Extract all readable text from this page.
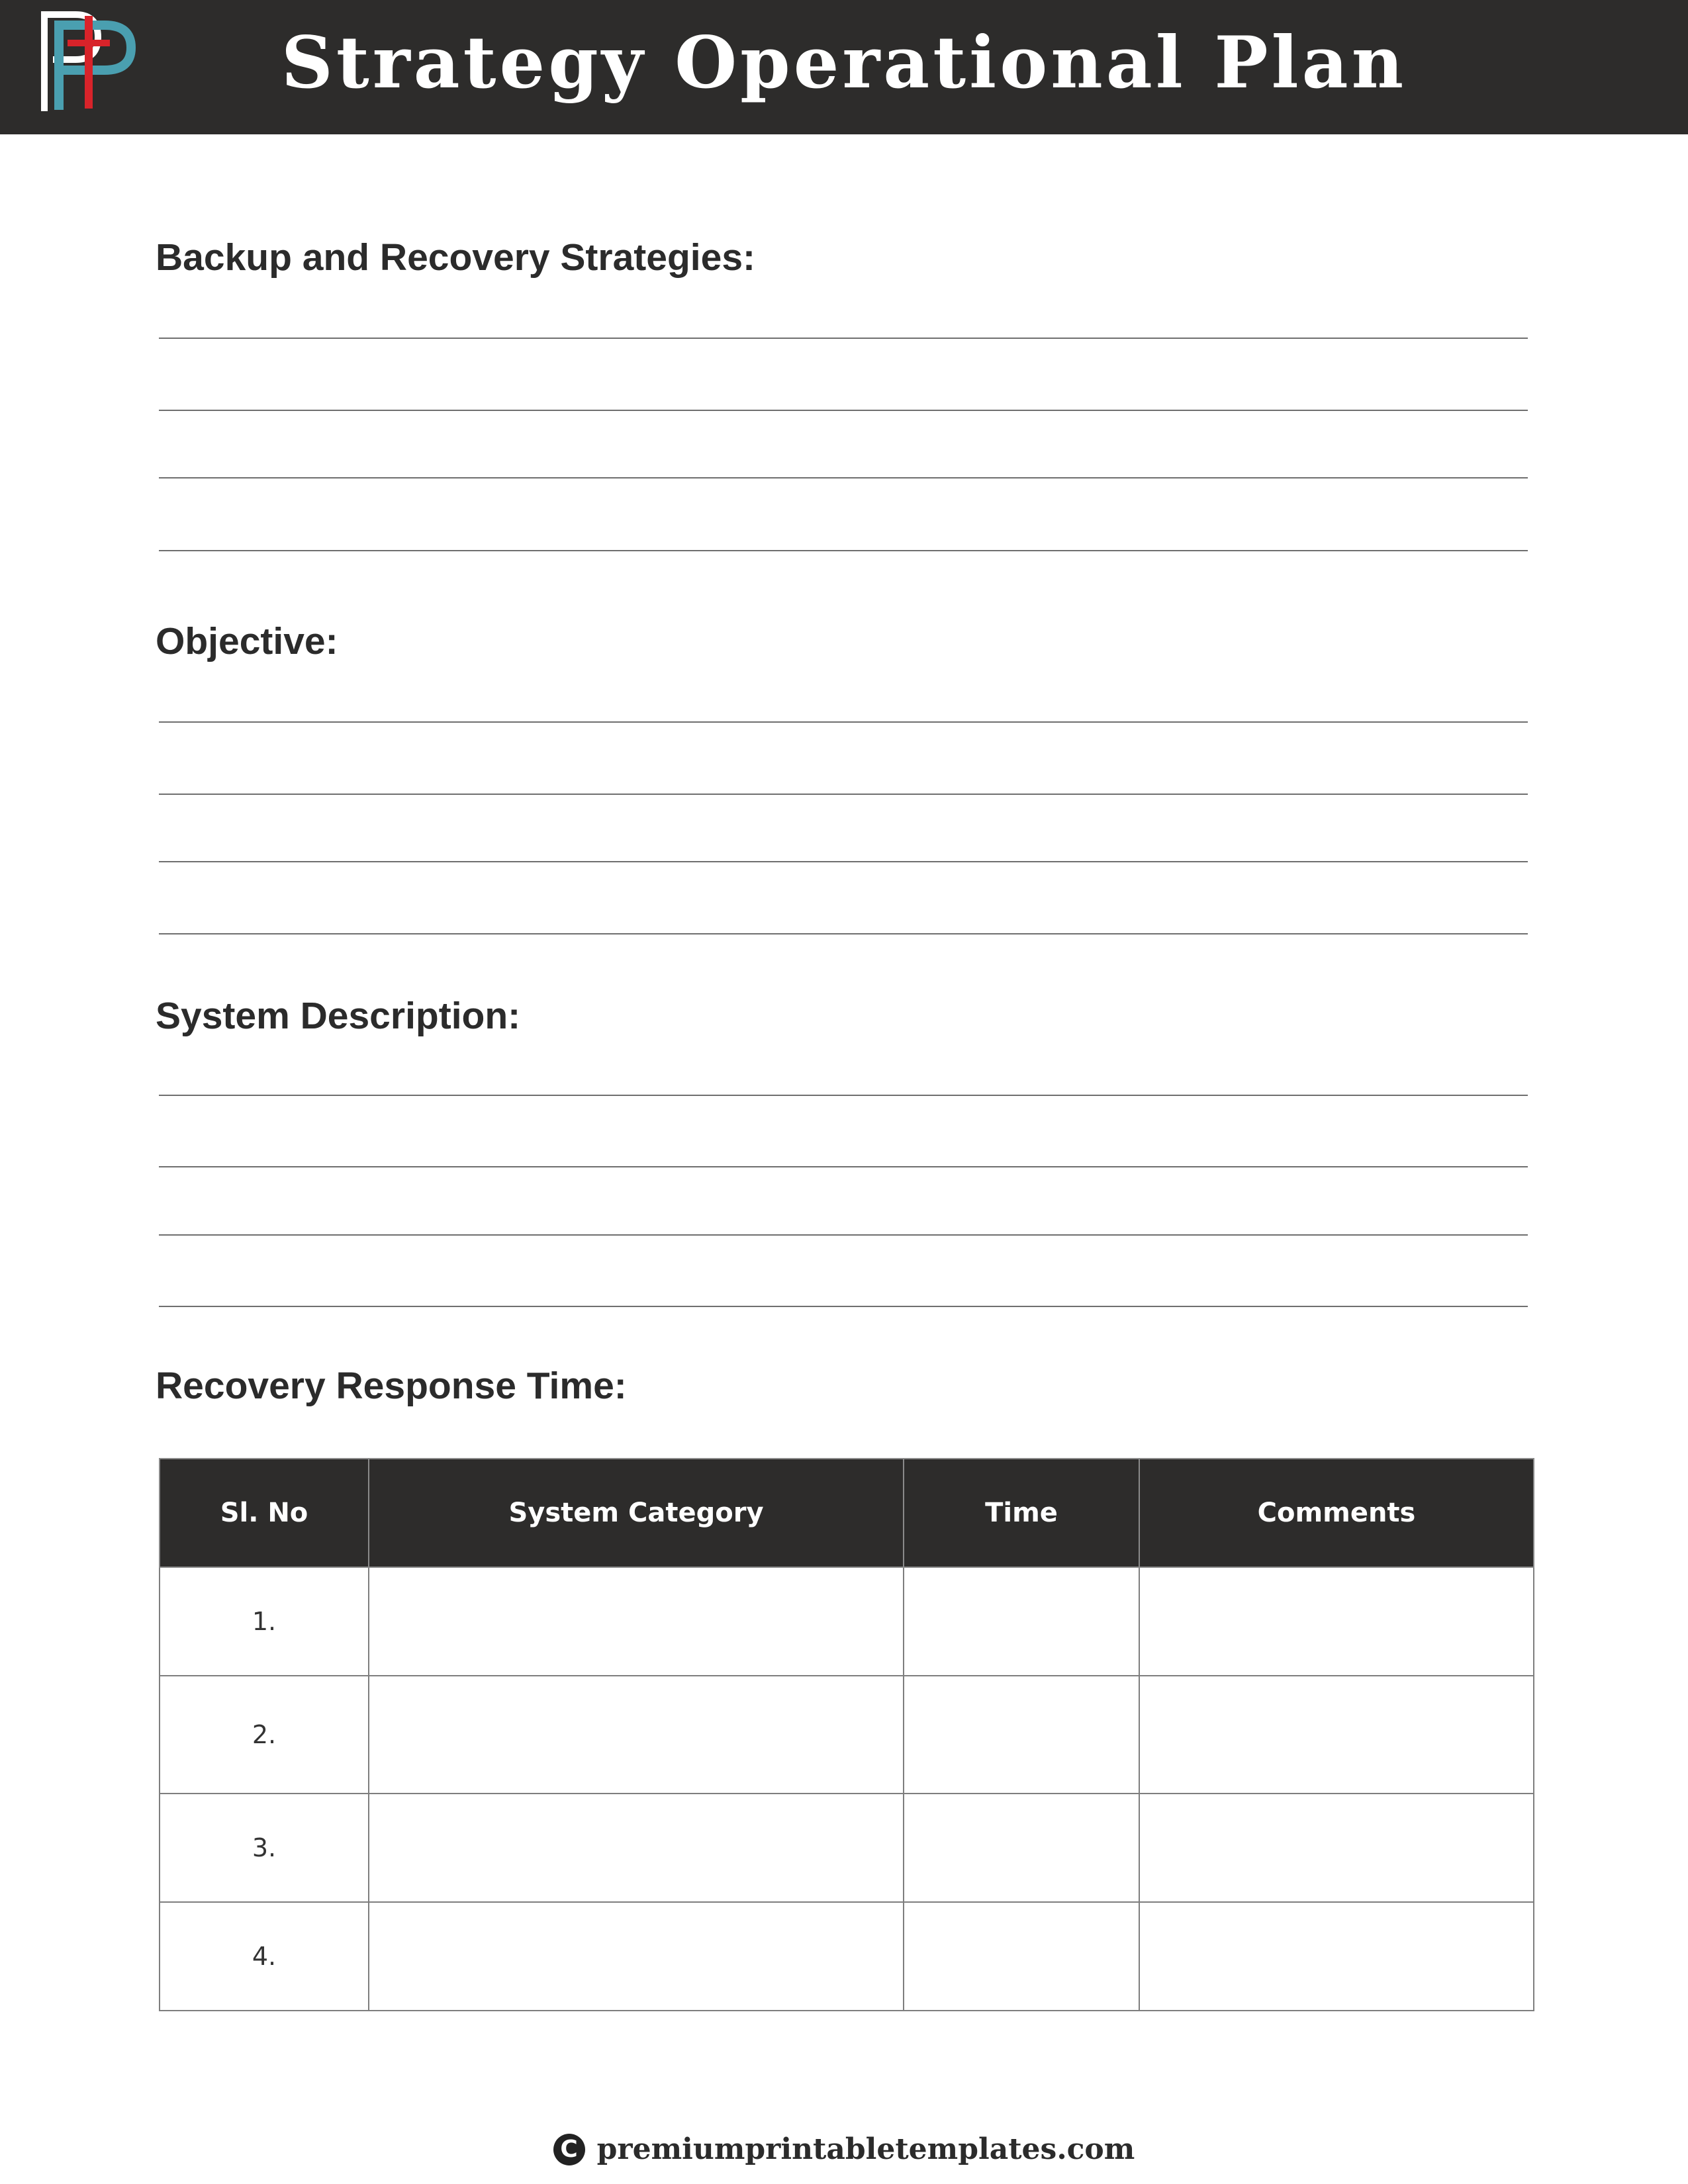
Strategy Operational Plan
Backup and Recovery Strategies:
Objective:
System Description:
Recovery Response Time:
Sl. No	System Category	Time	Comments
1.			
2.			
3.			
4.			
C premiumprintabletemplates.com
